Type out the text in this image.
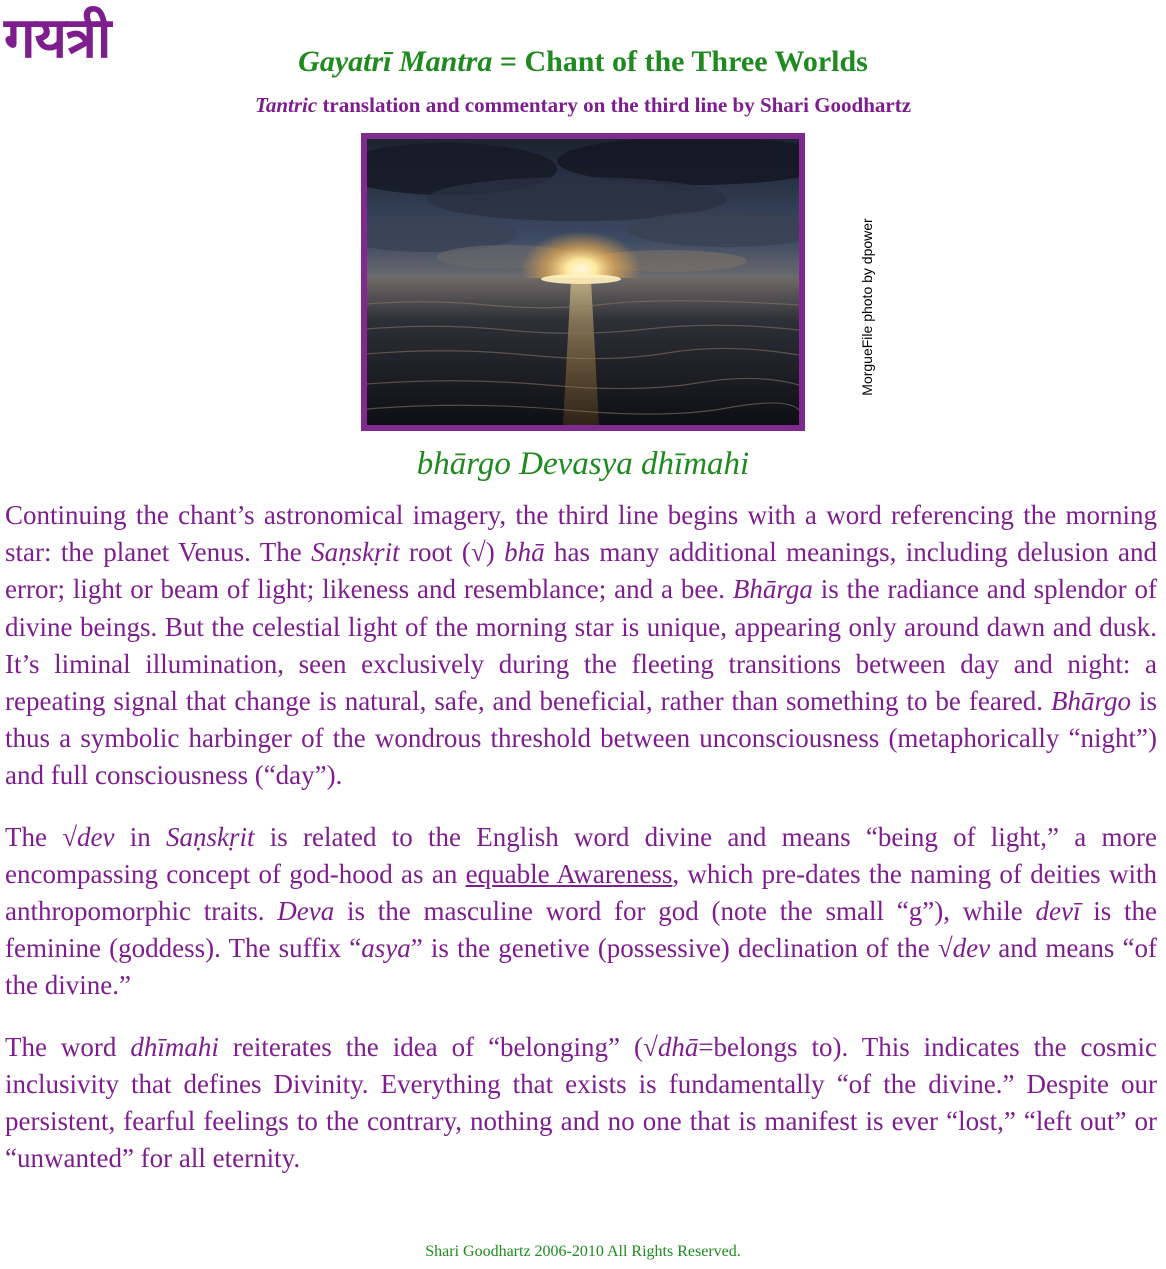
गयत्री	Gayatrī Mantra = Chant of the Three Worlds
Tantric translation and commentary on the third line by Shari Goodhartz
MorgueFile photo by dpower
bhārgo Devasya dhīmahi

Continuing the chant’s astronomical imagery, the third line begins with a word referencing the morning star: the planet Venus. The Saṇskṛit root (√) bhā has many additional meanings, including delusion and error; light or beam of light; likeness and resemblance; and a bee. Bhārga is the radiance and splendor of divine beings. But the celestial light of the morning star is unique, appearing only around dawn and dusk. It’s liminal illumination, seen exclusively during the fleeting transitions between day and night: a repeating signal that change is natural, safe, and beneficial, rather than something to be feared. Bhārgo is thus a symbolic harbinger of the wondrous threshold between unconsciousness (metaphorically “night”) and full consciousness (“day”).

The √dev in Saṇskṛit is related to the English word divine and means “being of light,” a more encompassing concept of god-hood as an equable Awareness, which pre-dates the naming of deities with anthropomorphic traits. Deva is the masculine word for god (note the small “g”), while devī is the feminine (goddess). The suffix “asya” is the genetive (possessive) declination of the √dev and means “of the divine.”

The word dhīmahi reiterates the idea of “belonging” (√dhā=belongs to). This indicates the cosmic inclusivity that defines Divinity. Everything that exists is fundamentally “of the divine.” Despite our persistent, fearful feelings to the contrary, nothing and no one that is manifest is ever “lost,” “left out” or “unwanted” for all eternity.

Shari Goodhartz 2006-2010 All Rights Reserved.
